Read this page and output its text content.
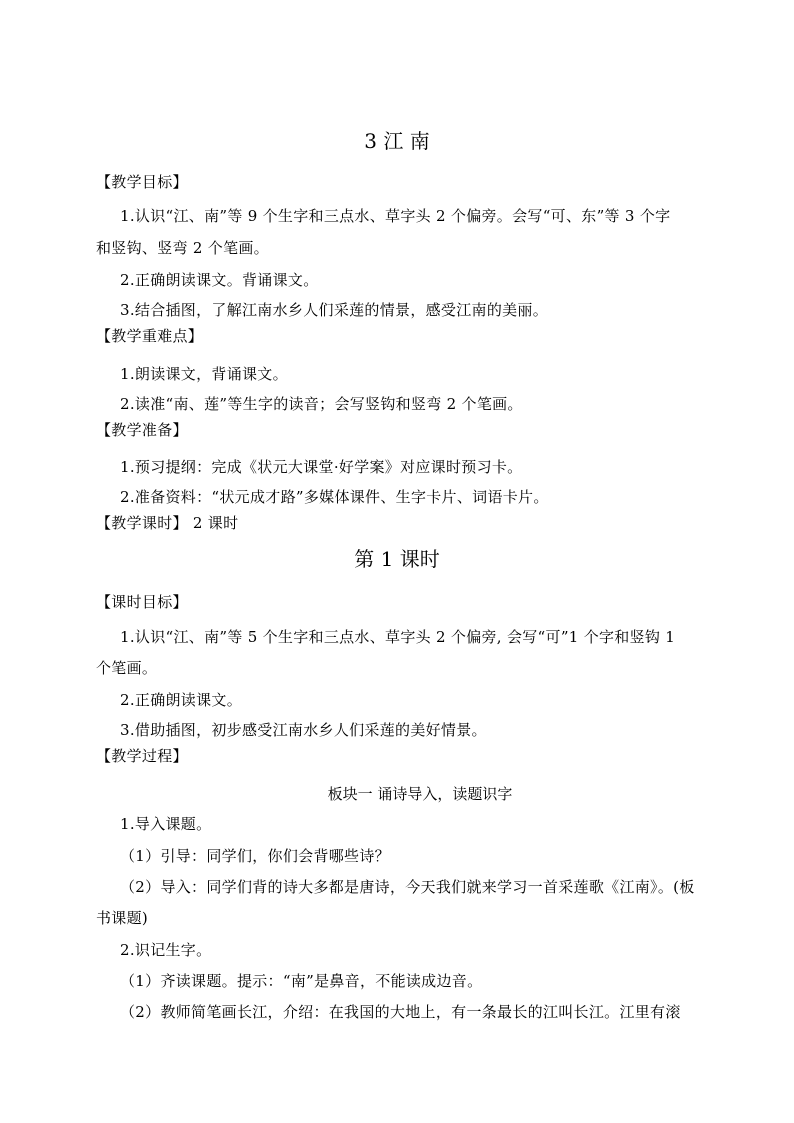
3 江 南
【教学目标】
1.认识“江、南”等 9 个生字和三点水、草字头 2 个偏旁。会写“可、东”等 3 个字
和竖钩、竖弯 2 个笔画。
2.正确朗读课文。背诵课文。
3.结合插图，了解江南水乡人们采莲的情景，感受江南的美丽。
【教学重难点】
1.朗读课文，背诵课文。
2.读准“南、莲”等生字的读音；会写竖钩和竖弯 2 个笔画。
【教学准备】
1.预习提纲：完成《状元大课堂·好学案》对应课时预习卡。
2.准备资料：“状元成才路”多媒体课件、生字卡片、词语卡片。
【教学课时】 2 课时
第 1 课时
【课时目标】
1.认识“江、南”等 5 个生字和三点水、草字头 2 个偏旁, 会写“可”1 个字和竖钩 1
个笔画。
2.正确朗读课文。
3.借助插图，初步感受江南水乡人们采莲的美好情景。
【教学过程】
板块一 诵诗导入，读题识字
1.导入课题。
（1）引导：同学们，你们会背哪些诗？
（2）导入：同学们背的诗大多都是唐诗，今天我们就来学习一首采莲歌《江南》。(板
书课题)
2.识记生字。
（1）齐读课题。提示：“南”是鼻音，不能读成边音。
（2）教师简笔画长江，介绍：在我国的大地上，有一条最长的江叫长江。江里有滚
